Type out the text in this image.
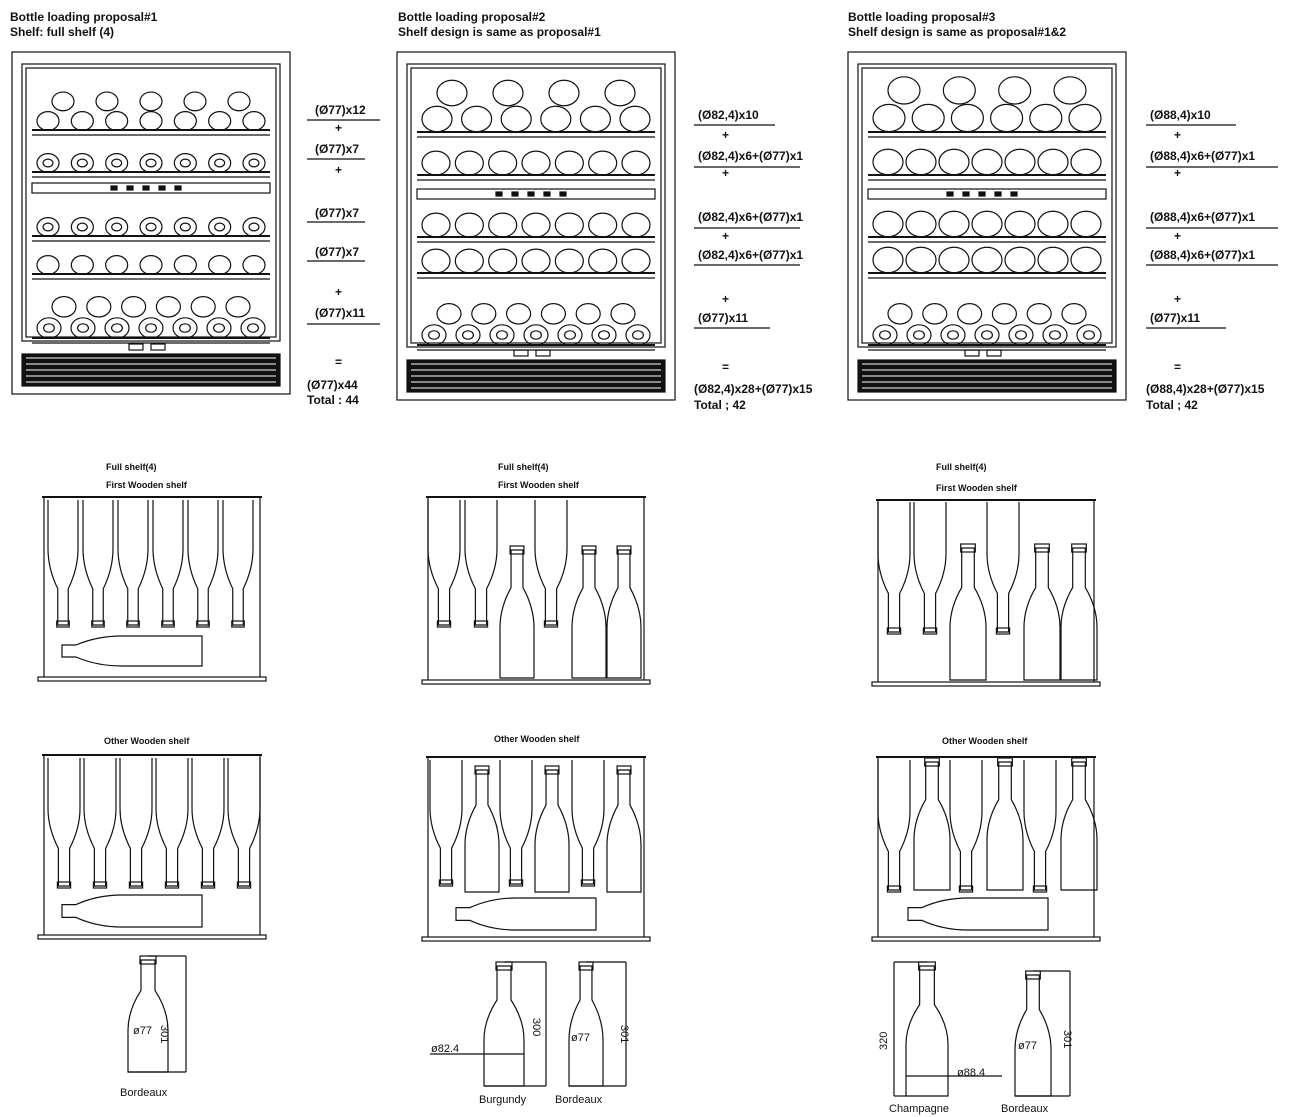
Bottle loading proposal#1
Shelf: full shelf (4)
(Ø77)x12
+
(Ø77)x7
+
(Ø77)x7
(Ø77)x7
+
(Ø77)x11
=
(Ø77)x44
Total : 44
Full shelf(4)
First Wooden shelf
Other Wooden shelf
Bordeaux
ø77 301
Bottle loading proposal#2
Shelf design is same as proposal#1
(Ø82,4)x10
+
(Ø82,4)x6+(Ø77)x1
+
(Ø82,4)x6+(Ø77)x1
+
(Ø82,4)x6+(Ø77)x1
+
(Ø77)x11
=
(Ø82,4)x28+(Ø77)x15
Total ; 42
Full shelf(4)
First Wooden shelf
Other Wooden shelf
Burgundy
ø82.4
300
Bordeaux
ø77	301
Bottle loading proposal#3
Shelf design is same as proposal#1&2
(Ø88,4)x10
+
(Ø88,4)x6+(Ø77)x1
+
(Ø88,4)x6+(Ø77)x1
+
(Ø88,4)x6+(Ø77)x1
+
(Ø77)x11
=
(Ø88,4)x28+(Ø77)x15
Total ; 42
Full shelf(4)
First Wooden shelf
Other Wooden shelf
Champagne
ø88.4
320
Bordeaux
ø77 301
